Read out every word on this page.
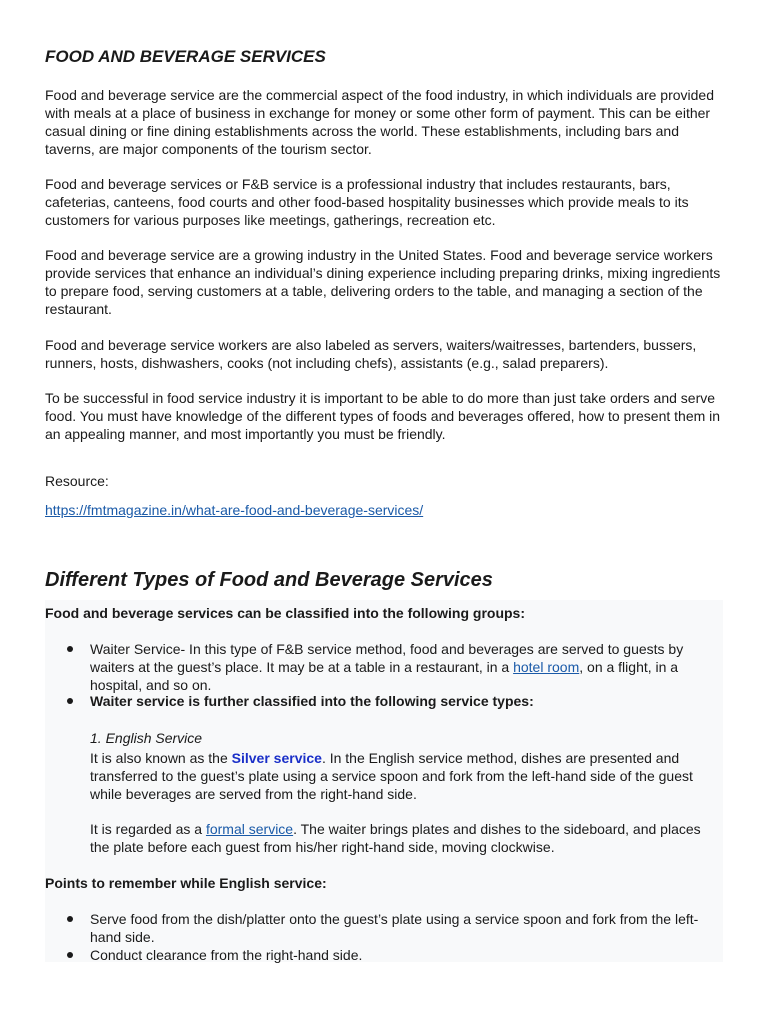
FOOD AND BEVERAGE SERVICES

Food and beverage service are the commercial aspect of the food industry, in which individuals are provided with meals at a place of business in exchange for money or some other form of payment. This can be either casual dining or fine dining establishments across the world. These establishments, including bars and taverns, are major components of the tourism sector.

Food and beverage services or F&B service is a professional industry that includes restaurants, bars, cafeterias, canteens, food courts and other food-based hospitality businesses which provide meals to its customers for various purposes like meetings, gatherings, recreation etc.

Food and beverage service are a growing industry in the United States. Food and beverage service workers provide services that enhance an individual’s dining experience including preparing drinks, mixing ingredients to prepare food, serving customers at a table, delivering orders to the table, and managing a section of the restaurant.

Food and beverage service workers are also labeled as servers, waiters/waitresses, bartenders, bussers, runners, hosts, dishwashers, cooks (not including chefs), assistants (e.g., salad preparers).

To be successful in food service industry it is important to be able to do more than just take orders and serve food. You must have knowledge of the different types of foods and beverages offered, how to present them in an appealing manner, and most importantly you must be friendly.

Resource:
https://fmtmagazine.in/what-are-food-and-beverage-services/
Different Types of Food and Beverage Services
Food and beverage services can be classified into the following groups:

Waiter Service- In this type of F&B service method, food and beverages are served to guests by waiters at the guest’s place. It may be at a table in a restaurant, in a hotel room, on a flight, in a hospital, and so on.

Waiter service is further classified into the following service types:

1. English Service

It is also known as the Silver service. In the English service method, dishes are presented and transferred to the guest’s plate using a service spoon and fork from the left-hand side of the guest while beverages are served from the right-hand side.

It is regarded as a formal service. The waiter brings plates and dishes to the sideboard, and places the plate before each guest from his/her right-hand side, moving clockwise.

Points to remember while English service:

Serve food from the dish/platter onto the guest’s plate using a service spoon and fork from the left-hand side.

Conduct clearance from the right-hand side.
